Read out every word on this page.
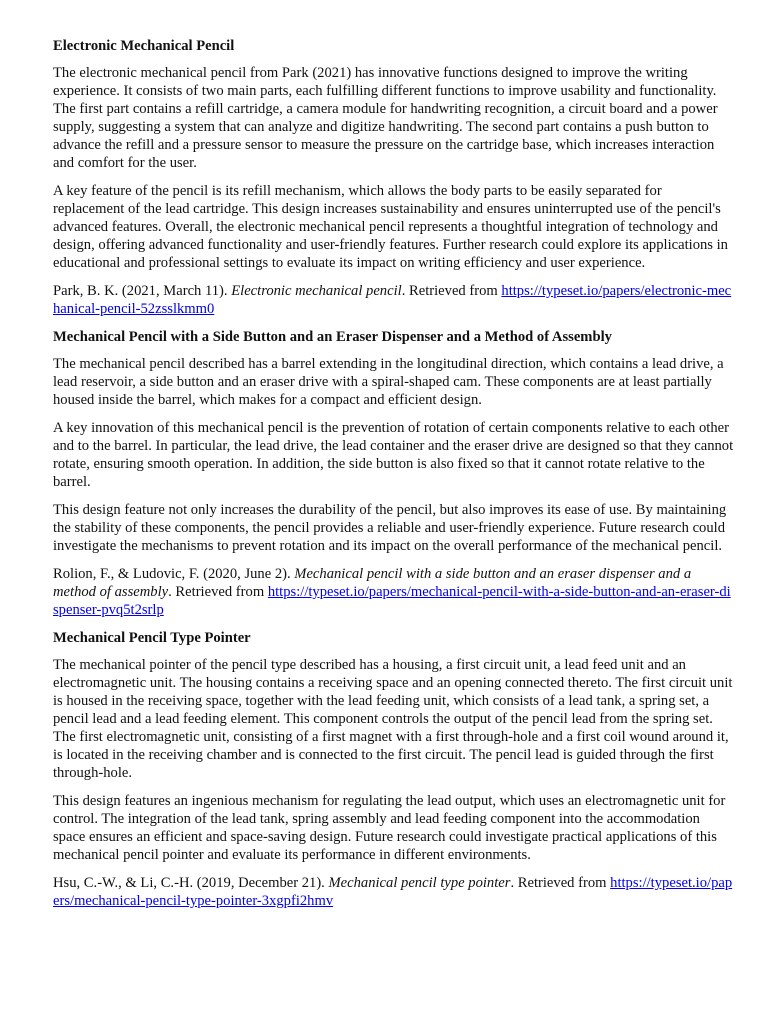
Electronic Mechanical Pencil

The electronic mechanical pencil from Park (2021) has innovative functions designed to improve the writing experience. It consists of two main parts, each fulfilling different functions to improve usability and functionality. The first part contains a refill cartridge, a camera module for handwriting recognition, a circuit board and a power supply, suggesting a system that can analyze and digitize handwriting. The second part contains a push button to advance the refill and a pressure sensor to measure the pressure on the cartridge base, which increases interaction and comfort for the user.

A key feature of the pencil is its refill mechanism, which allows the body parts to be easily separated for replacement of the lead cartridge. This design increases sustainability and ensures uninterrupted use of the pencil's advanced features. Overall, the electronic mechanical pencil represents a thoughtful integration of technology and design, offering advanced functionality and user-friendly features. Further research could explore its applications in educational and professional settings to evaluate its impact on writing efficiency and user experience.

Park, B. K. (2021, March 11). Electronic mechanical pencil. Retrieved from https://typeset.io/papers/electronic-mechanical-pencil-52zsslkmm0

Mechanical Pencil with a Side Button and an Eraser Dispenser and a Method of Assembly

The mechanical pencil described has a barrel extending in the longitudinal direction, which contains a lead drive, a lead reservoir, a side button and an eraser drive with a spiral-shaped cam. These components are at least partially housed inside the barrel, which makes for a compact and efficient design.

A key innovation of this mechanical pencil is the prevention of rotation of certain components relative to each other and to the barrel. In particular, the lead drive, the lead container and the eraser drive are designed so that they cannot rotate, ensuring smooth operation. In addition, the side button is also fixed so that it cannot rotate relative to the barrel.

This design feature not only increases the durability of the pencil, but also improves its ease of use. By maintaining the stability of these components, the pencil provides a reliable and user-friendly experience. Future research could investigate the mechanisms to prevent rotation and its impact on the overall performance of the mechanical pencil.

Rolion, F., & Ludovic, F. (2020, June 2). Mechanical pencil with a side button and an eraser dispenser and a method of assembly. Retrieved from https://typeset.io/papers/mechanical-pencil-with-a-side-button-and-an-eraser-dispenser-pvq5t2srlp

Mechanical Pencil Type Pointer

The mechanical pointer of the pencil type described has a housing, a first circuit unit, a lead feed unit and an electromagnetic unit. The housing contains a receiving space and an opening connected thereto. The first circuit unit is housed in the receiving space, together with the lead feeding unit, which consists of a lead tank, a spring set, a pencil lead and a lead feeding element. This component controls the output of the pencil lead from the spring set. The first electromagnetic unit, consisting of a first magnet with a first through-hole and a first coil wound around it, is located in the receiving chamber and is connected to the first circuit. The pencil lead is guided through the first through-hole.

This design features an ingenious mechanism for regulating the lead output, which uses an electromagnetic unit for control. The integration of the lead tank, spring assembly and lead feeding component into the accommodation space ensures an efficient and space-saving design. Future research could investigate practical applications of this mechanical pencil pointer and evaluate its performance in different environments.

Hsu, C.-W., & Li, C.-H. (2019, December 21). Mechanical pencil type pointer. Retrieved from https://typeset.io/papers/mechanical-pencil-type-pointer-3xgpfi2hmv
